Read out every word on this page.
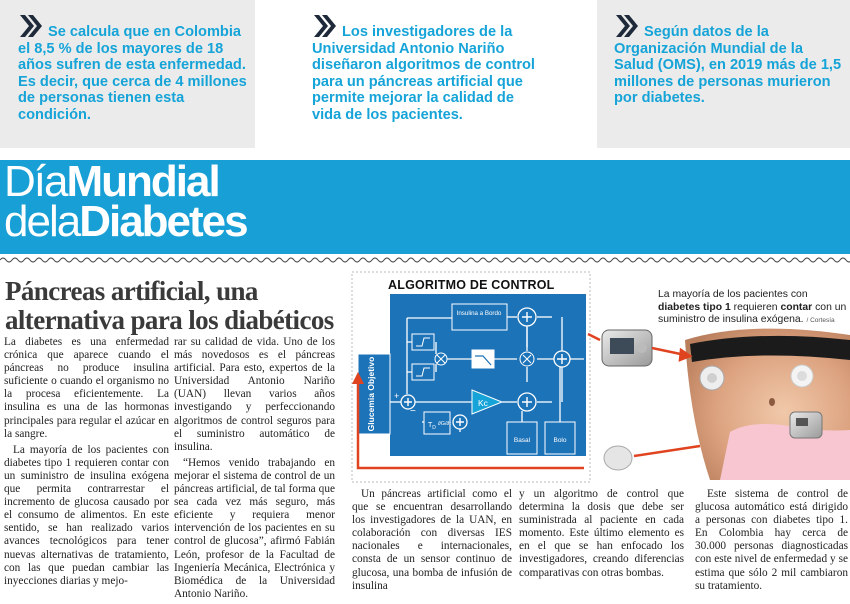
Se calcula que en Colombia el 8,5 % de los mayores de 18 años sufren de esta enfermedad. Es decir, que cerca de 4 millones de personas tienen esta condición.
Los investigadores de la Universidad Antonio Nariño diseñaron algoritmos de control para un páncreas artificial que permite mejorar la calidad de vida de los pacientes.
Según datos de la Organización Mundial de la Salud (OMS), en 2019 más de 1,5 millones de personas murieron por diabetes.
DíaMundial
delaDiabetes
Páncreas artificial, una alternativa para los diabéticos

La diabetes es una enfermedad crónica que aparece cuando el páncreas no produce insulina suficiente o cuando el organismo no la procesa eficientemente. La insulina es una de las hormonas principales para regular el azúcar en la sangre.

La mayoría de los pacientes con diabetes tipo 1 requieren contar con un suministro de insulina exógena que permita contrarrestar el incremento de glucosa causado por el consumo de alimentos. En este sentido, se han realizado varios avances tecnológicos para tener nuevas alternativas de tratamiento, con las que puedan cambiar las inyecciones diarias y mejo-

rar su calidad de vida. Uno de los más novedosos es el páncreas artificial. Para esto, expertos de la Universidad Antonio Nariño (UAN) llevan varios años investigando y perfeccionando algoritmos de control seguros para el suministro automático de insulina.

“Hemos venido trabajando en mejorar el sistema de control de un páncreas artificial, de tal forma que sea cada vez más seguro, más eficiente y requiera menor intervención de los pacientes en su control de glucosa”, afirmó Fabián León, profesor de la Facultad de Ingeniería Mecánica, Electrónica y Biomédica de la Universidad Antonio Nariño.

Un páncreas artificial como el que se encuentran desarrollando los investigadores de la UAN, en colaboración con diversas IES nacionales e internacionales, consta de un sensor continuo de glucosa, una bomba de infusión de insulina

y un algoritmo de control que determina la dosis que debe ser suministrada al paciente en cada momento. Este último elemento es en el que se han enfocado los investigadores, creando diferencias comparativas con otras bombas.

Este sistema de control de glucosa automático está dirigido a personas con diabetes tipo 1. En Colombia hay cerca de 30.000 personas diagnosticadas con este nivel de enfermedad y se estima que sólo 2 mil cambiaron su tratamiento.

Glucemia Objetivo
Insulina a Bordo
+
−
Kc
$T_D$
∂G/∂t
Basal	Bolo
ALGORITMO DE CONTROL
La mayoría de los pacientes con diabetes tipo 1 requieren contar con un suministro de insulina exógena. / Cortesía
